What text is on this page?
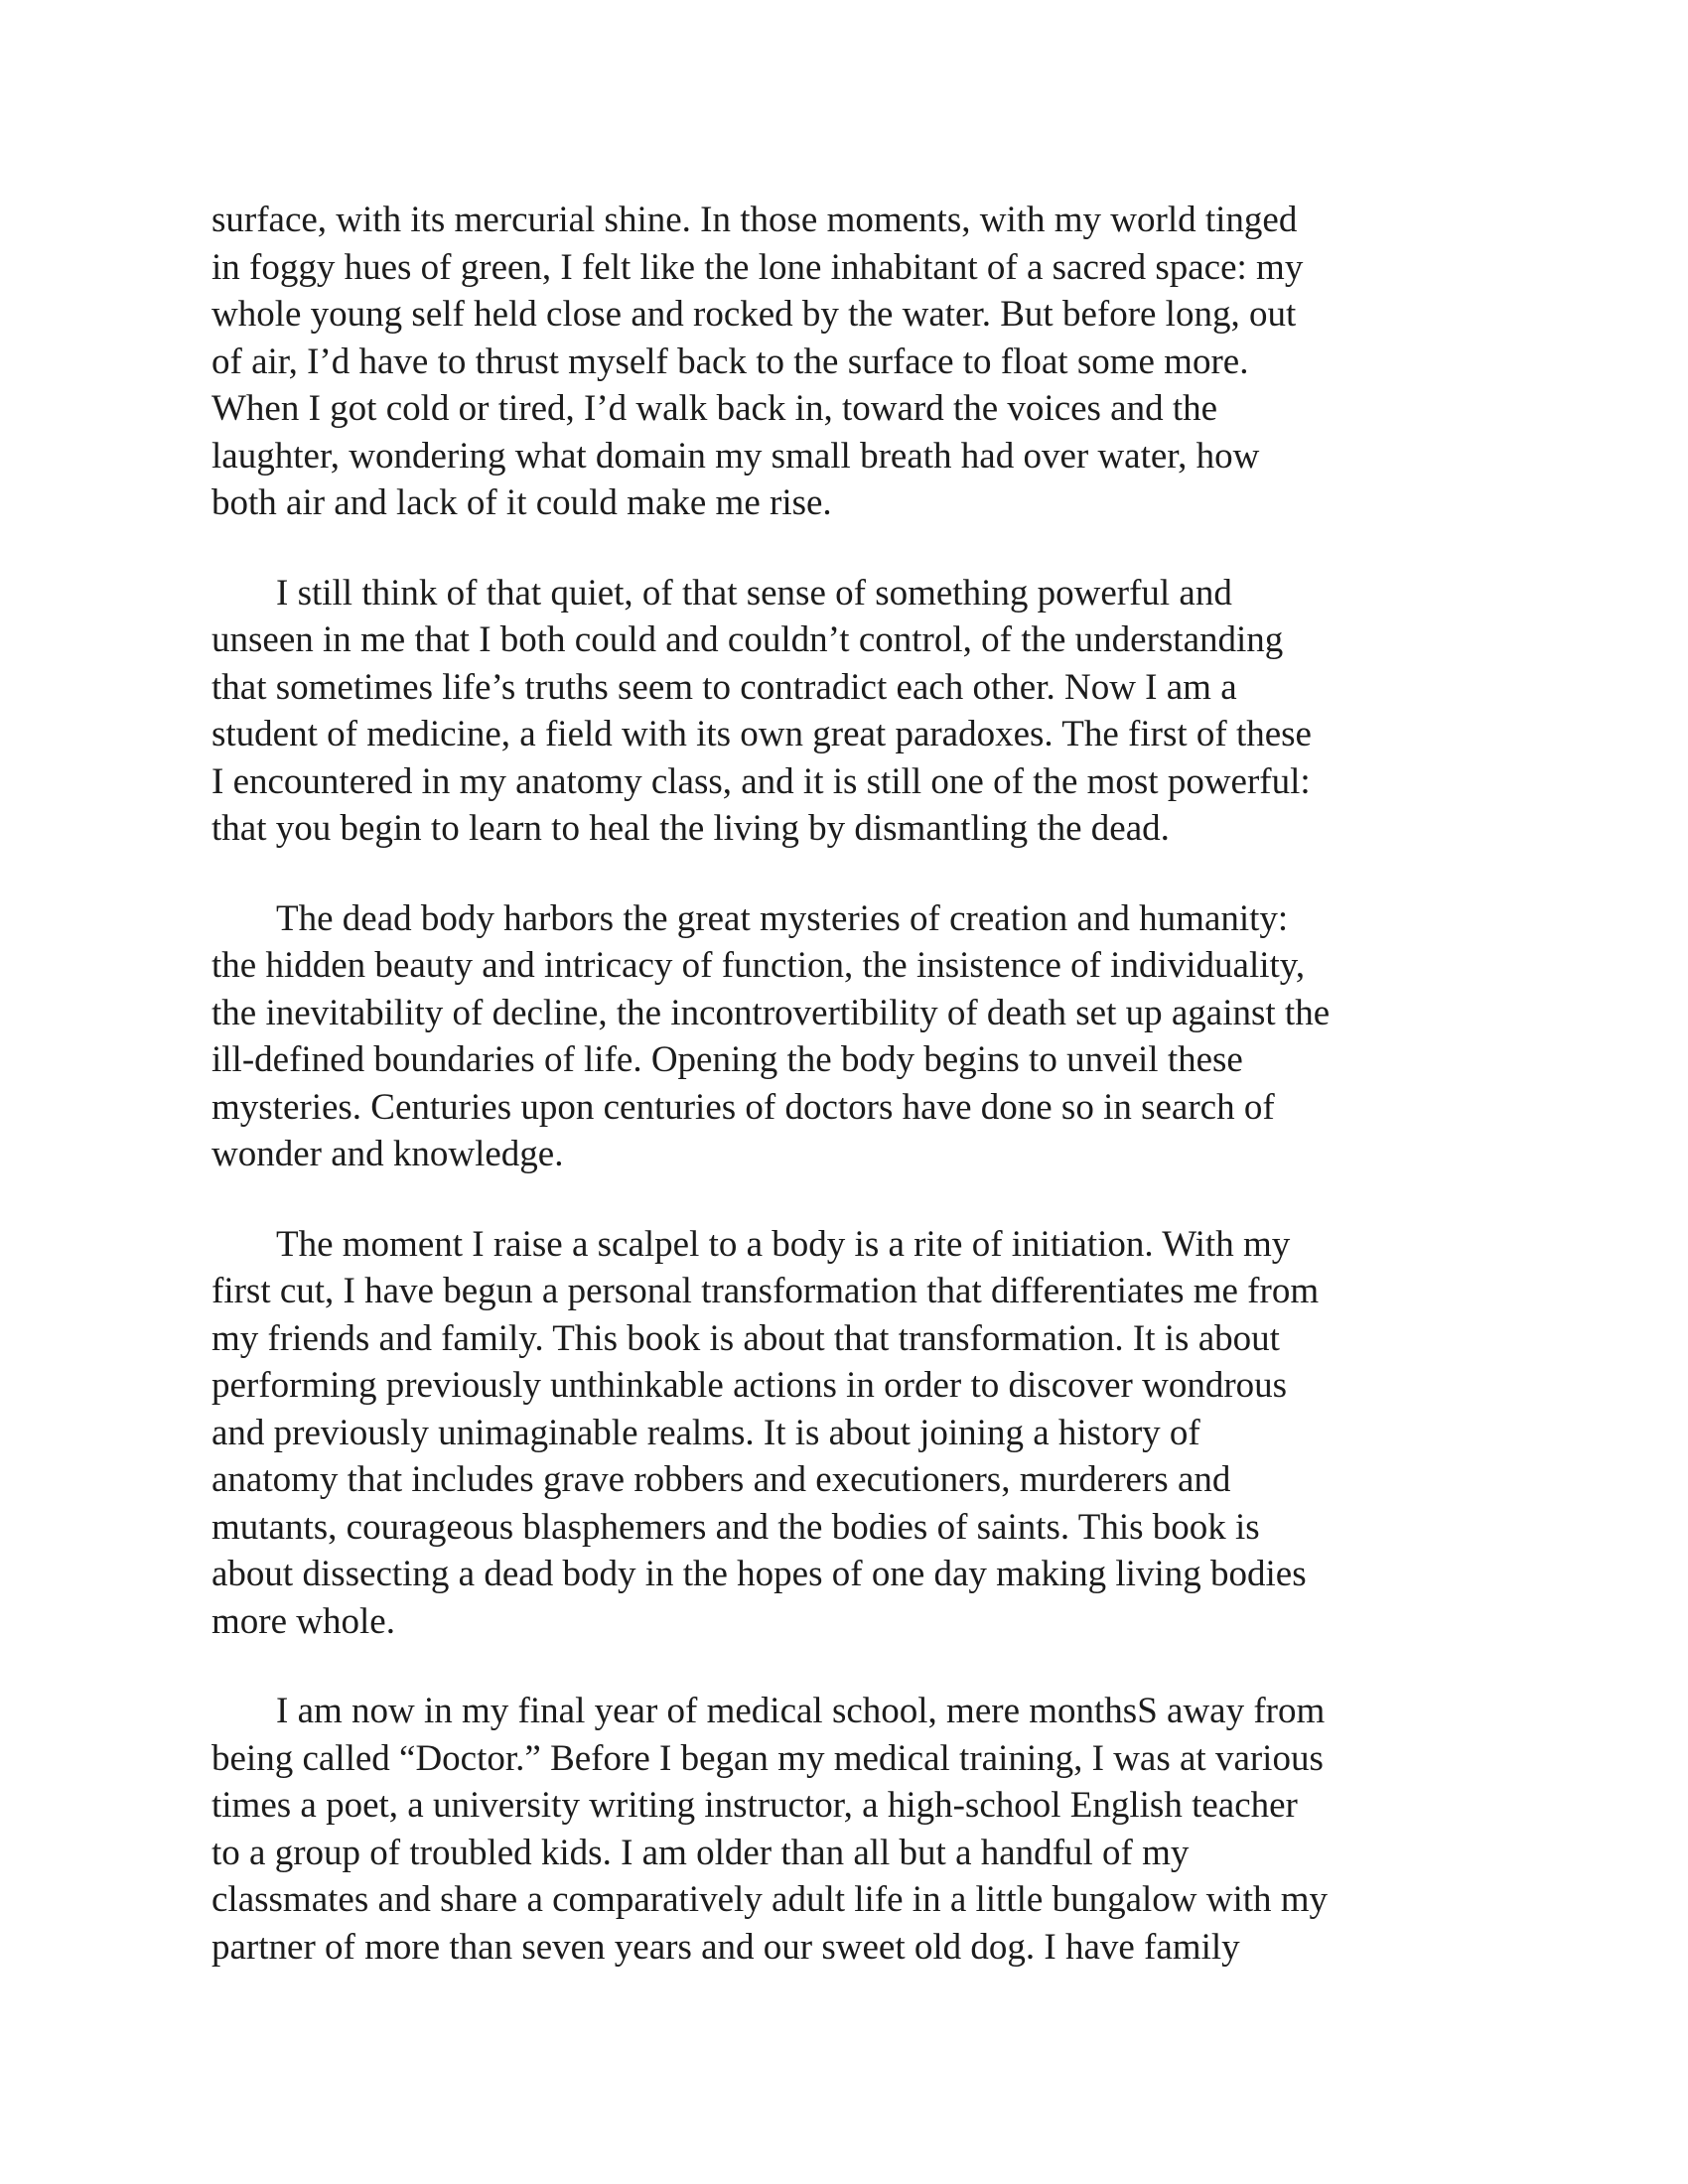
surface, with its mercurial shine. In those moments, with my world tinged
in foggy hues of green, I felt like the lone inhabitant of a sacred space: my
whole young self held close and rocked by the water. But before long, out
of air, I’d have to thrust myself back to the surface to float some more.
When I got cold or tired, I’d walk back in, toward the voices and the
laughter, wondering what domain my small breath had over water, how
both air and lack of it could make me rise.

I still think of that quiet, of that sense of something powerful and
unseen in me that I both could and couldn’t control, of the understanding
that sometimes life’s truths seem to contradict each other. Now I am a
student of medicine, a field with its own great paradoxes. The first of these
I encountered in my anatomy class, and it is still one of the most powerful:
that you begin to learn to heal the living by dismantling the dead.

The dead body harbors the great mysteries of creation and humanity:
the hidden beauty and intricacy of function, the insistence of individuality,
the inevitability of decline, the incontrovertibility of death set up against the
ill-defined boundaries of life. Opening the body begins to unveil these
mysteries. Centuries upon centuries of doctors have done so in search of
wonder and knowledge.

The moment I raise a scalpel to a body is a rite of initiation. With my
first cut, I have begun a personal transformation that differentiates me from
my friends and family. This book is about that transformation. It is about
performing previously unthinkable actions in order to discover wondrous
and previously unimaginable realms. It is about joining a history of
anatomy that includes grave robbers and executioners, murderers and
mutants, courageous blasphemers and the bodies of saints. This book is
about dissecting a dead body in the hopes of one day making living bodies
more whole.

I am now in my final year of medical school, mere monthsS away from
being called “Doctor.” Before I began my medical training, I was at various
times a poet, a university writing instructor, a high-school English teacher
to a group of troubled kids. I am older than all but a handful of my
classmates and share a comparatively adult life in a little bungalow with my
partner of more than seven years and our sweet old dog. I have family
